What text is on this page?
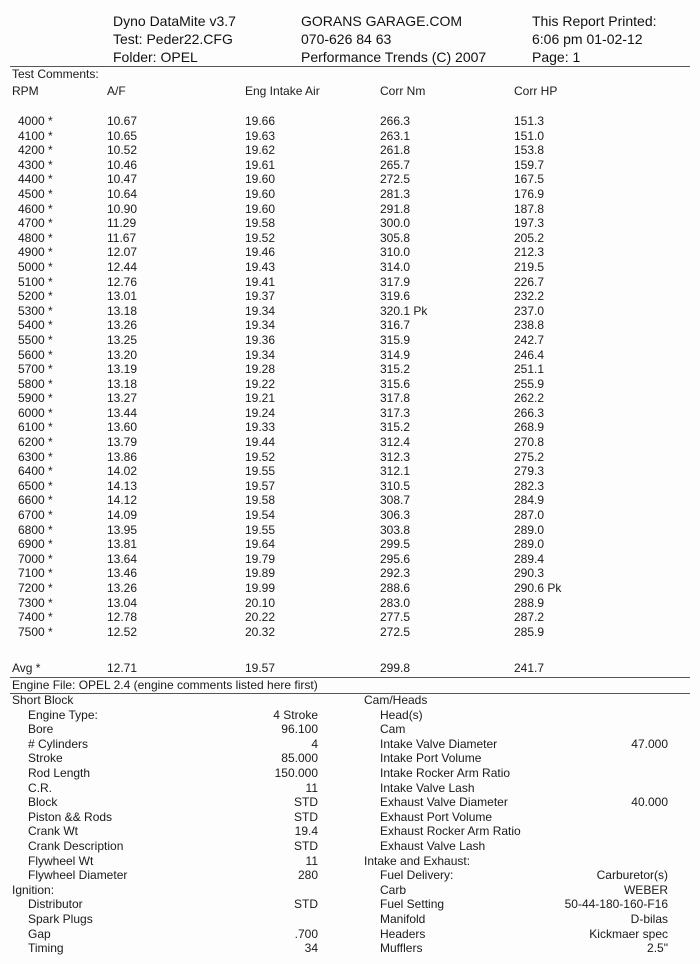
Dyno DataMite v3.7
Test: Peder22.CFG
Folder: OPEL
GORANS GARAGE.COM
070-626 84 63
Performance Trends (C) 2007
This Report Printed:
6:06 pm 01-02-12
Page: 1
Test Comments:
RPM	A/F	Eng Intake Air	Corr Nm	Corr HP
4000 *	10.67	19.66	266.3	151.3
4100 *	10.65	19.63	263.1	151.0
4200 *	10.52	19.62	261.8	153.8
4300 *	10.46	19.61	265.7	159.7
4400 *	10.47	19.60	272.5	167.5
4500 *	10.64	19.60	281.3	176.9
4600 *	10.90	19.60	291.8	187.8
4700 *	11.29	19.58	300.0	197.3
4800 *	11.67	19.52	305.8	205.2
4900 *	12.07	19.46	310.0	212.3
5000 *	12.44	19.43	314.0	219.5
5100 *	12.76	19.41	317.9	226.7
5200 *	13.01	19.37	319.6	232.2
5300 *	13.18	19.34	320.1 Pk	237.0
5400 *	13.26	19.34	316.7	238.8
5500 *	13.25	19.36	315.9	242.7
5600 *	13.20	19.34	314.9	246.4
5700 *	13.19	19.28	315.2	251.1
5800 *	13.18	19.22	315.6	255.9
5900 *	13.27	19.21	317.8	262.2
6000 *	13.44	19.24	317.3	266.3
6100 *	13.60	19.33	315.2	268.9
6200 *	13.79	19.44	312.4	270.8
6300 *	13.86	19.52	312.3	275.2
6400 *	14.02	19.55	312.1	279.3
6500 *	14.13	19.57	310.5	282.3
6600 *	14.12	19.58	308.7	284.9
6700 *	14.09	19.54	306.3	287.0
6800 *	13.95	19.55	303.8	289.0
6900 *	13.81	19.64	299.5	289.0
7000 *	13.64	19.79	295.6	289.4
7100 *	13.46	19.89	292.3	290.3
7200 *	13.26	19.99	288.6	290.6 Pk
7300 *	13.04	20.10	283.0	288.9
7400 *	12.78	20.22	277.5	287.2
7500 *	12.52	20.32	272.5	285.9
Avg *	12.71	19.57	299.8	241.7
Engine File: OPEL 2.4 (engine comments listed here first)
Short Block
Engine Type:	4 Stroke
Bore	96.100
# Cylinders	4
Stroke	85.000
Rod Length	150.000
C.R.	11
Block	STD
Piston && Rods	STD
Crank Wt	19.4
Crank Description	STD
Flywheel Wt	11
Flywheel Diameter	280
Ignition:
Distributor	STD
Spark Plugs
Gap	.700
Timing	34
Cam/Heads
Head(s)
Cam
Intake Valve Diameter	47.000
Intake Port Volume
Intake Rocker Arm Ratio
Intake Valve Lash
Exhaust Valve Diameter	40.000
Exhaust Port Volume
Exhaust Rocker Arm Ratio
Exhaust Valve Lash
Intake and Exhaust:
Fuel Delivery:	Carburetor(s)
Carb	WEBER
Fuel Setting	50-44-180-160-F16
Manifold	D-bilas
Headers	Kickmaer spec
Mufflers	2.5"
